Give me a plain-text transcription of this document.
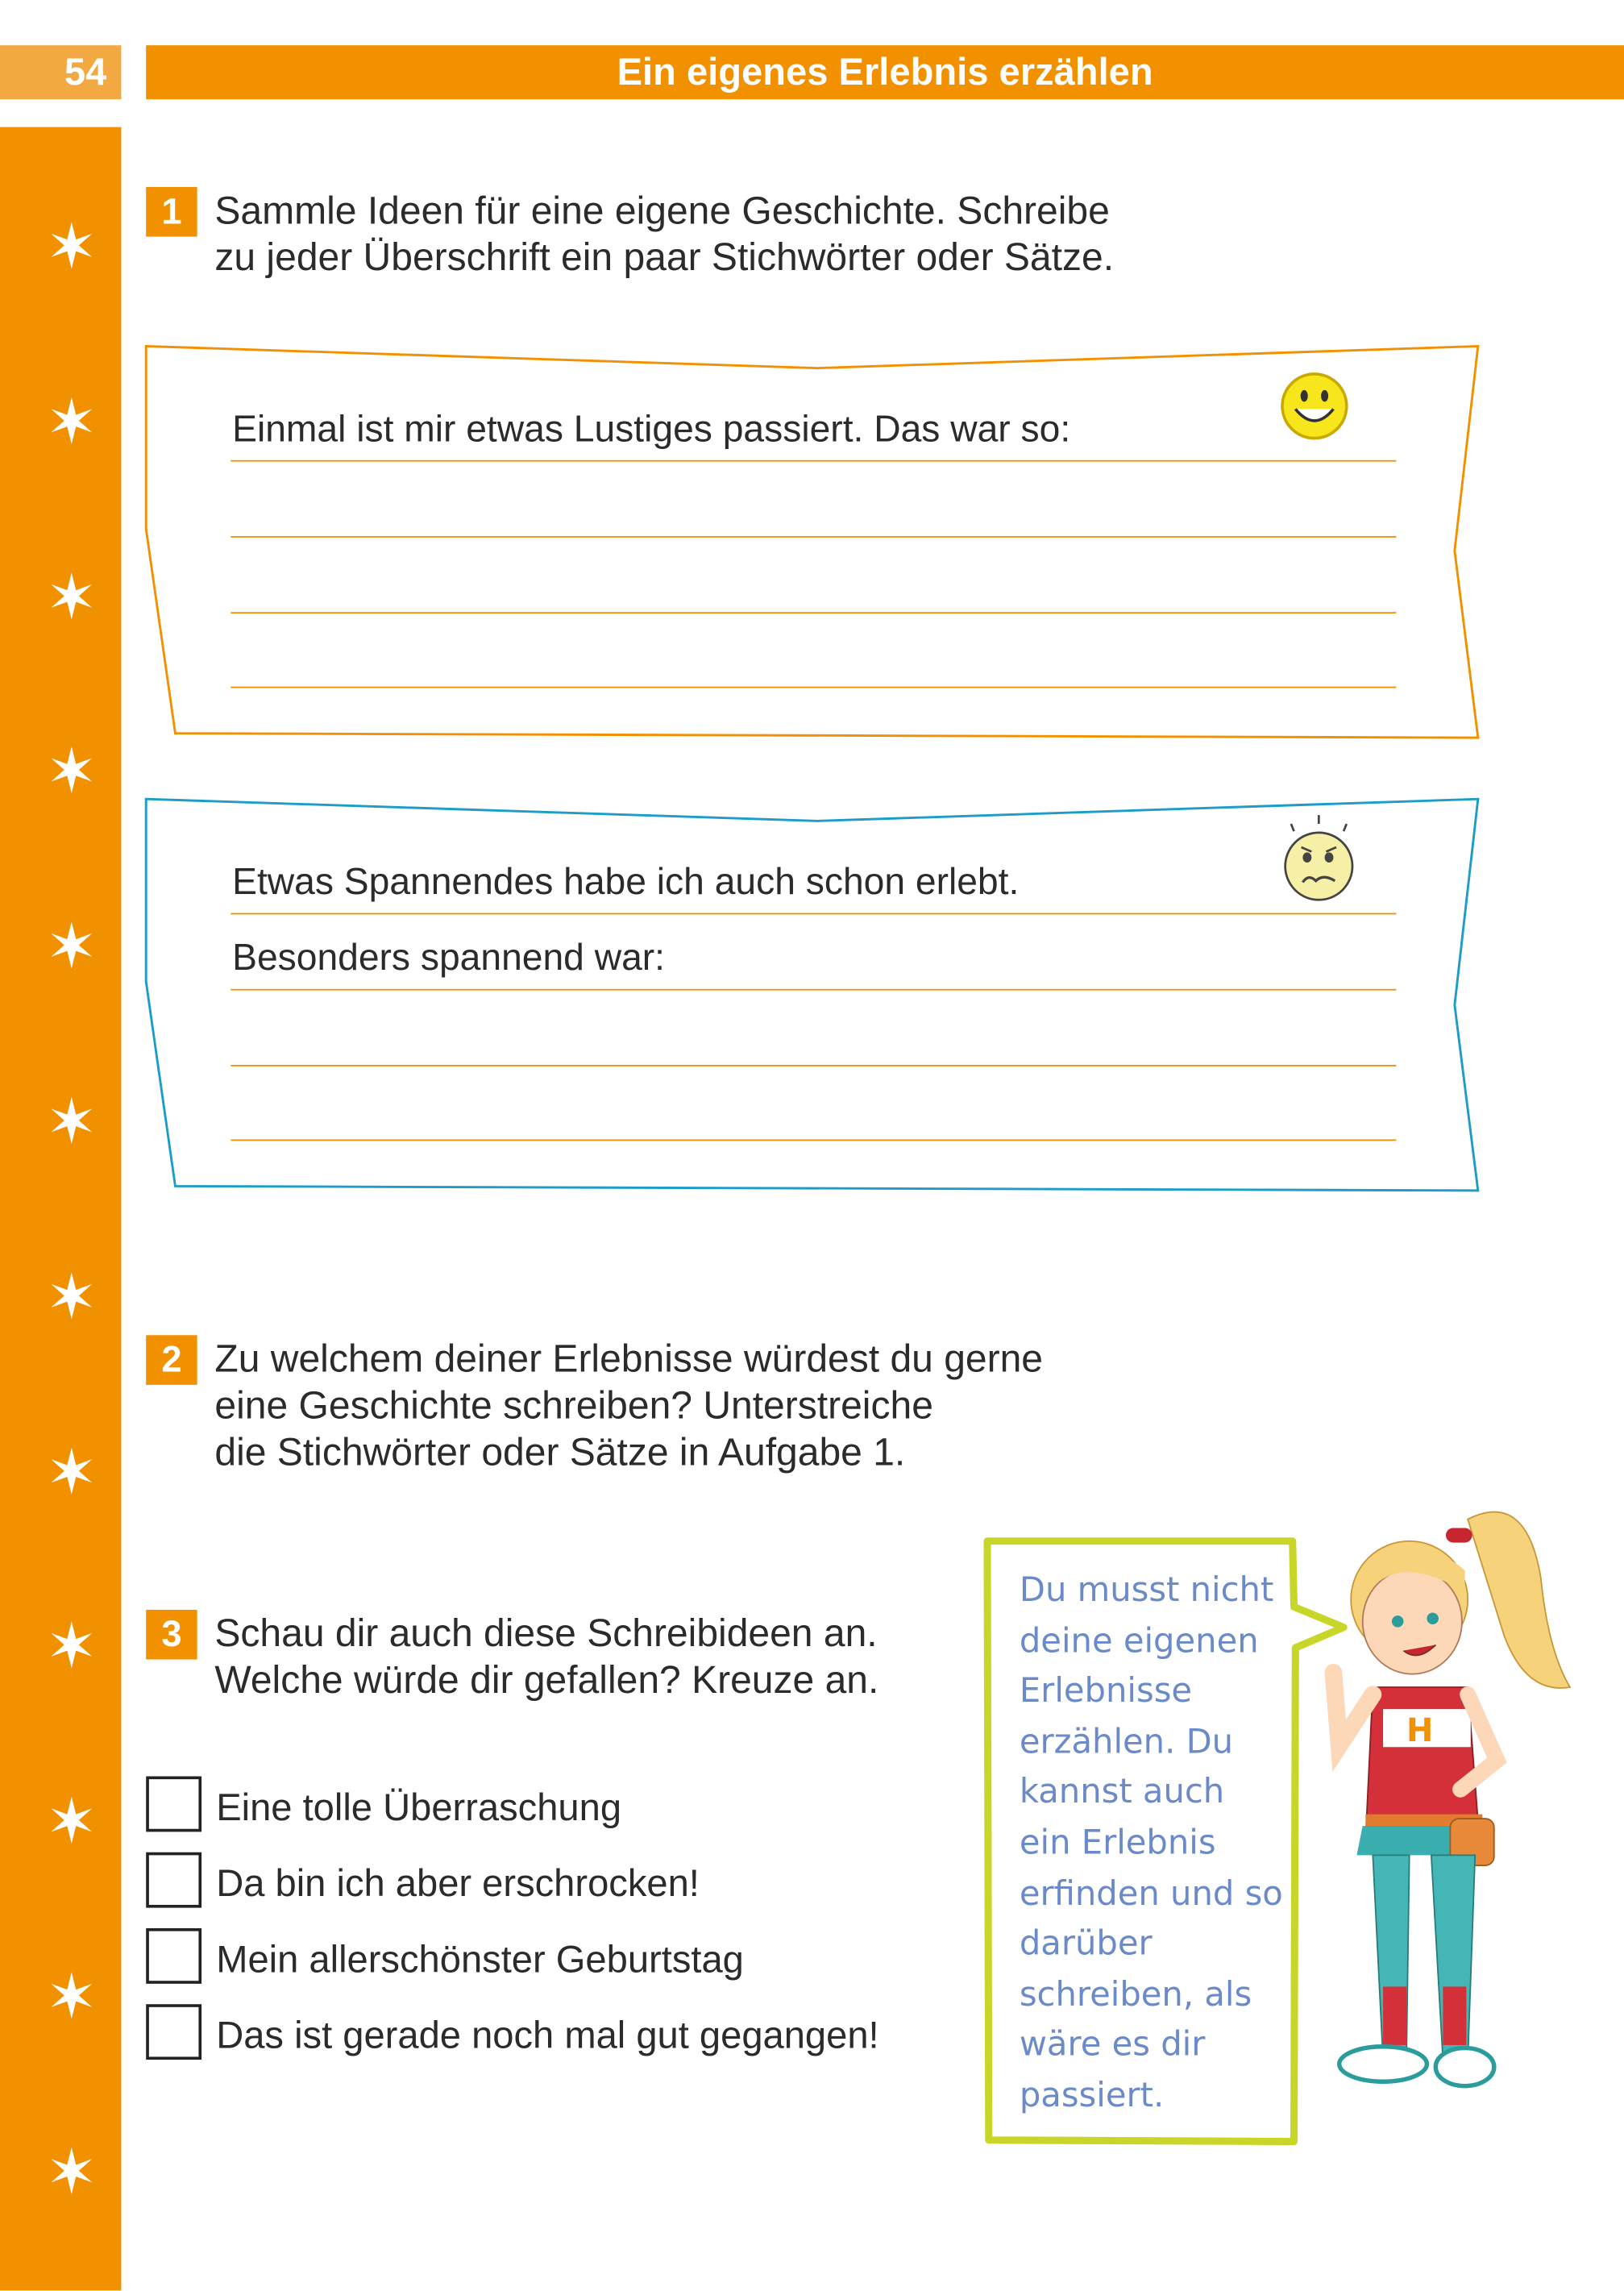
54	Ein eigenes Erlebnis erzählen
1	Sammle Ideen für eine eigene Geschichte. Schreibe
zu jeder Überschrift ein paar Stichwörter oder Sätze.
Einmal ist mir etwas Lustiges passiert. Das war so:
Etwas Spannendes habe ich auch schon erlebt.
Besonders spannend war:
2	Zu welchem deiner Erlebnisse würdest du gerne
eine Geschichte schreiben? Unterstreiche
die Stichwörter oder Sätze in Aufgabe 1.
3	Schau dir auch diese Schreibideen an.
Welche würde dir gefallen? Kreuze an.
Eine tolle Überraschung
Da bin ich aber erschrocken!
Mein allerschönster Geburtstag
Das ist gerade noch mal gut gegangen!
Du musst nicht
deine eigenen
Erlebnisse
erzählen. Du
kannst auch
ein Erlebnis
erfinden und so
darüber
schreiben, als
wäre es dir
passiert.
H
